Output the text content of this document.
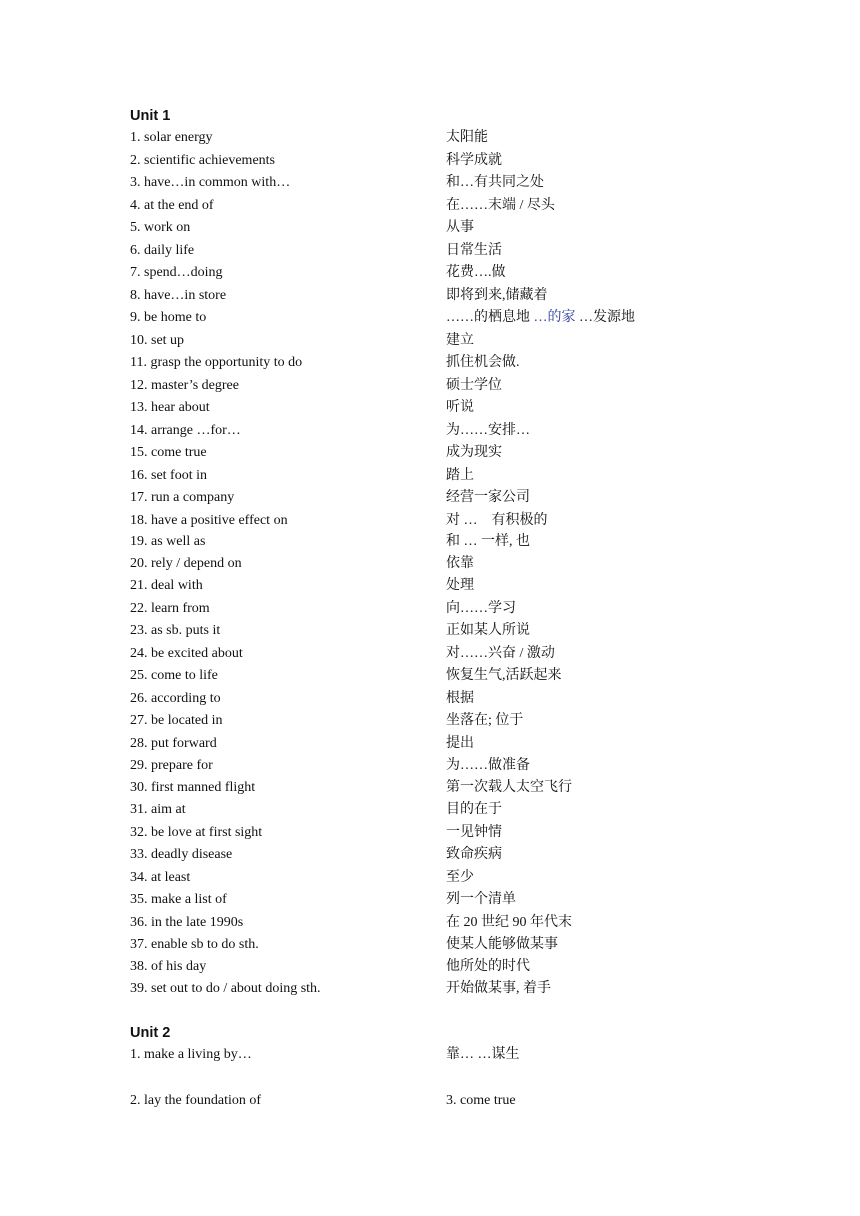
Unit 1
1. solar energy	太阳能
2. scientific achievements	科学成就
3. have…in common with…	和…有共同之处
4. at the end of	在……末端 / 尽头
5. work on	从事
6. daily life	日常生活
7. spend…doing	花费….做
8. have…in store	即将到来,储藏着
9. be home to	……的栖息地 …的家 …发源地
10. set up	建立
11. grasp the opportunity to do	抓住机会做.
12. master’s degree	硕士学位
13. hear about	听说
14. arrange …for…	为……安排…
15. come true	成为现实
16. set foot in	踏上
17. run a company	经营一家公司
18. have a positive effect on	对 …　有积极的
19. as well as	和 … 一样, 也
20. rely / depend on	依靠
21. deal with	处理
22. learn from	向……学习
23. as sb. puts it	正如某人所说
24. be excited about	对……兴奋 / 激动
25. come to life	恢复生气,活跃起来
26. according to	根据
27. be located in	坐落在; 位于
28. put forward	提出
29. prepare for	为……做准备
30. first manned flight	第一次载人太空飞行
31. aim at	目的在于
32. be love at first sight	一见钟情
33. deadly disease	致命疾病
34. at least	至少
35. make a list of	列一个清单
36. in the late 1990s	在 20 世纪 90 年代末
37. enable sb to do sth.	使某人能够做某事
38. of his day	他所处的时代
39. set out to do / about doing sth.	开始做某事, 着手
Unit 2
1. make a living by…	靠… …谋生
2. lay the foundation of	3. come true
